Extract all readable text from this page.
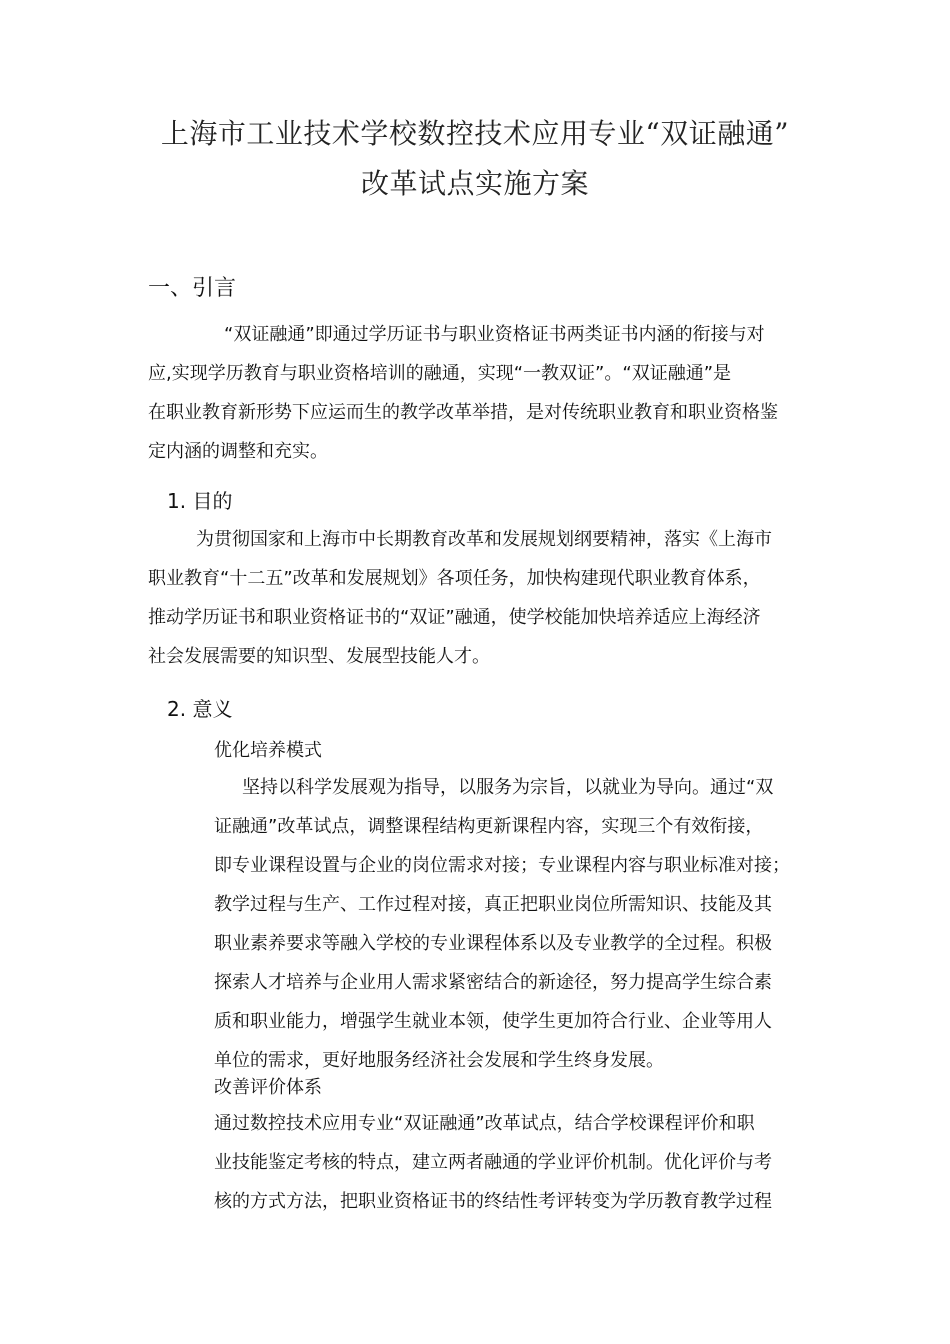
上海市工业技术学校数控技术应用专业“双证融通”
改革试点实施方案
一、引言
“双证融通”即通过学历证书与职业资格证书两类证书内涵的衔接与对
应,实现学历教育与职业资格培训的融通，实现“一教双证”。“双证融通”是
在职业教育新形势下应运而生的教学改革举措，是对传统职业教育和职业资格鉴
定内涵的调整和充实。
1. 目的
为贯彻国家和上海市中长期教育改革和发展规划纲要精神，落实《上海市
职业教育“十二五”改革和发展规划》各项任务，加快构建现代职业教育体系，
推动学历证书和职业资格证书的“双证”融通，使学校能加快培养适应上海经济
社会发展需要的知识型、发展型技能人才。
2. 意义
优化培养模式
坚持以科学发展观为指导，以服务为宗旨，以就业为导向。通过“双
证融通”改革试点，调整课程结构更新课程内容，实现三个有效衔接，
即专业课程设置与企业的岗位需求对接；专业课程内容与职业标准对接；
教学过程与生产、工作过程对接，真正把职业岗位所需知识、技能及其
职业素养要求等融入学校的专业课程体系以及专业教学的全过程。积极
探索人才培养与企业用人需求紧密结合的新途径，努力提高学生综合素
质和职业能力，增强学生就业本领，使学生更加符合行业、企业等用人
单位的需求，更好地服务经济社会发展和学生终身发展。
改善评价体系
通过数控技术应用专业“双证融通”改革试点，结合学校课程评价和职
业技能鉴定考核的特点，建立两者融通的学业评价机制。优化评价与考
核的方式方法，把职业资格证书的终结性考评转变为学历教育教学过程
